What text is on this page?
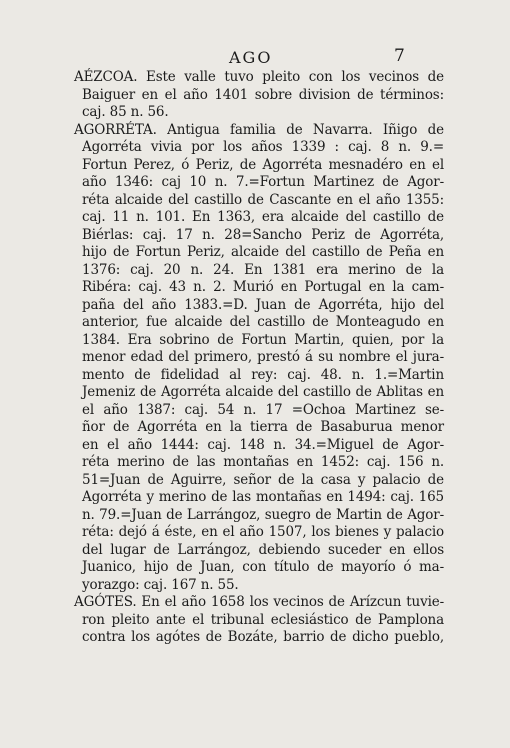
AGO	7
AÉZCOA. Este valle tuvo pleito con los vecinos de
Baiguer en el año 1401 sobre division de términos:
caj. 85 n. 56.
AGORRÉTA. Antigua familia de Navarra. Iñigo de
Agorréta vivia por los años 1339 : caj. 8 n. 9.=
Fortun Perez, ó Periz, de Agorréta mesnadéro en el
año 1346: caj 10 n. 7.=Fortun Martinez de Agor-
réta alcaide del castillo de Cascante en el año 1355:
caj. 11 n. 101. En 1363, era alcaide del castillo de
Biérlas: caj. 17 n. 28=Sancho Periz de Agorréta,
hijo de Fortun Periz, alcaide del castillo de Peña en
1376: caj. 20 n. 24. En 1381 era merino de la
Ribéra: caj. 43 n. 2. Murió en Portugal en la cam-
paña del año 1383.=D. Juan de Agorréta, hijo del
anterior, fue alcaide del castillo de Monteagudo en
1384. Era sobrino de Fortun Martin, quien, por la
menor edad del primero, prestó á su nombre el jura-
mento de fidelidad al rey: caj. 48. n. 1.=Martin
Jemeniz de Agorréta alcaide del castillo de Ablitas en
el año 1387: caj. 54 n. 17 =Ochoa Martinez se-
ñor de Agorréta en la tierra de Basaburua menor
en el año 1444: caj. 148 n. 34.=Miguel de Agor-
réta merino de las montañas en 1452: caj. 156 n.
51=Juan de Aguirre, señor de la casa y palacio de
Agorréta y merino de las montañas en 1494: caj. 165
n. 79.=Juan de Larrángoz, suegro de Martin de Agor-
réta: dejó á éste, en el año 1507, los bienes y palacio
del lugar de Larrángoz, debiendo suceder en ellos
Juanico, hijo de Juan, con título de mayorío ó ma-
yorazgo: caj. 167 n. 55.
AGÓTES. En el año 1658 los vecinos de Arízcun tuvie-
ron pleito ante el tribunal eclesiástico de Pamplona
contra los agótes de Bozáte, barrio de dicho pueblo,
